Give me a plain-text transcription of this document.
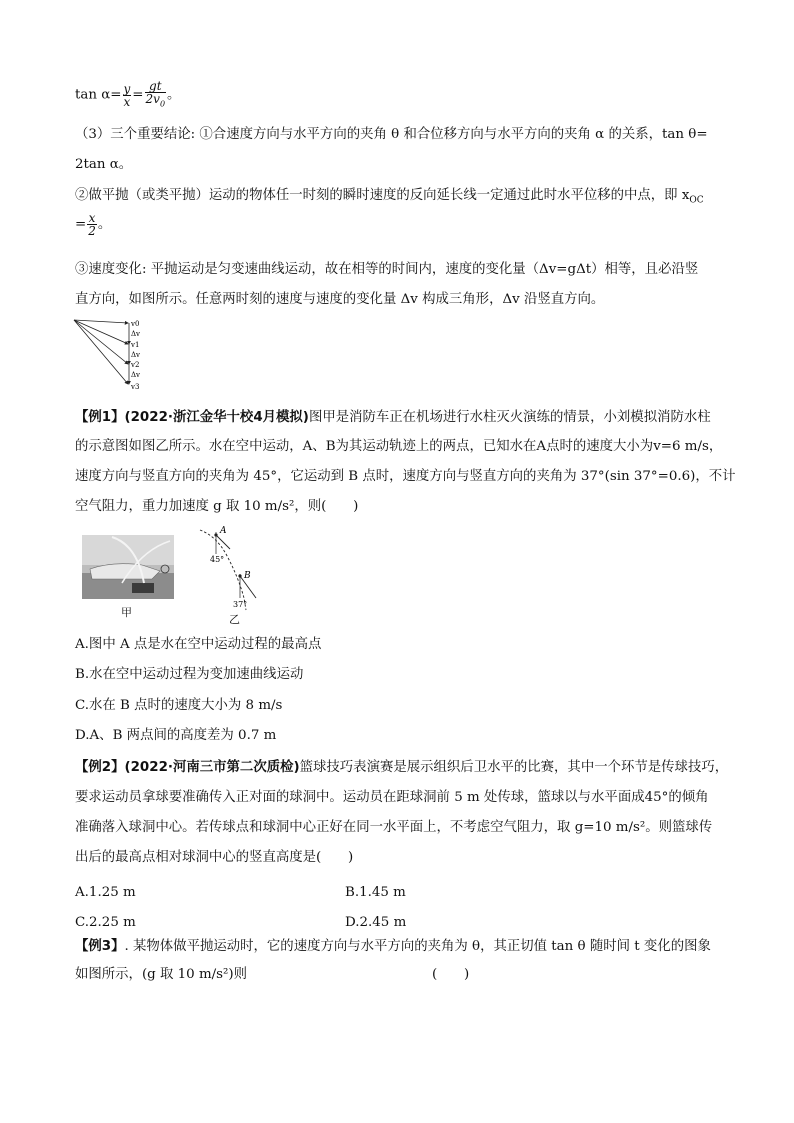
$\tan \alpha= \frac{y}{x} = \frac{gt}{2v_0}$ 。
（3）三个重要结论: ①合速度方向与水平方向的夹角 θ 和合位移方向与水平方向的夹角 α 的关系，tan θ=
2tan α。
②做平抛（或类平抛）运动的物体任一时刻的瞬时速度的反向延长线一定通过此时水平位移的中点，即 $x_{OC}$
= $\frac{x}{2}$ 。
③速度变化: 平抛运动是匀变速曲线运动，故在相等的时间内，速度的变化量（Δv=gΔt）相等，且必沿竖
直方向，如图所示。任意两时刻的速度与速度的变化量 Δv 构成三角形，Δv 沿竖直方向。
v0
Δv
v1
Δv
v2
Δv
v3
【例1】(2022·浙江金华十校4月模拟)图甲是消防车正在机场进行水柱灭火演练的情景，小刘模拟消防水柱
的示意图如图乙所示。水在空中运动，A、B为其运动轨迹上的两点，已知水在A点时的速度大小为v=6 m/s，
速度方向与竖直方向的夹角为 45°，它运动到 B 点时，速度方向与竖直方向的夹角为 37°(sin 37°=0.6)，不计
空气阻力，重力加速度 g 取 10 m/s²，则(　　)
甲
A
45°
B
37°
乙
A.图中 A 点是水在空中运动过程的最高点
B.水在空中运动过程为变加速曲线运动
C.水在 B 点时的速度大小为 8 m/s
D.A、B 两点间的高度差为 0.7 m
【例2】(2022·河南三市第二次质检)篮球技巧表演赛是展示组织后卫水平的比赛，其中一个环节是传球技巧，
要求运动员拿球要准确传入正对面的球洞中。运动员在距球洞前 5 m 处传球，篮球以与水平面成45°的倾角
准确落入球洞中心。若传球点和球洞中心正好在同一水平面上，不考虑空气阻力，取 g=10 m/s²。则篮球传
出后的最高点相对球洞中心的竖直高度是(　　)
A.1.25 m	B.1.45 m
C.2.25 m	D.2.45 m
【例3】. 某物体做平抛运动时，它的速度方向与水平方向的夹角为 θ，其正切值 tan θ 随时间 t 变化的图象
如图所示，(g 取 10 m/s²)则	(　　)
